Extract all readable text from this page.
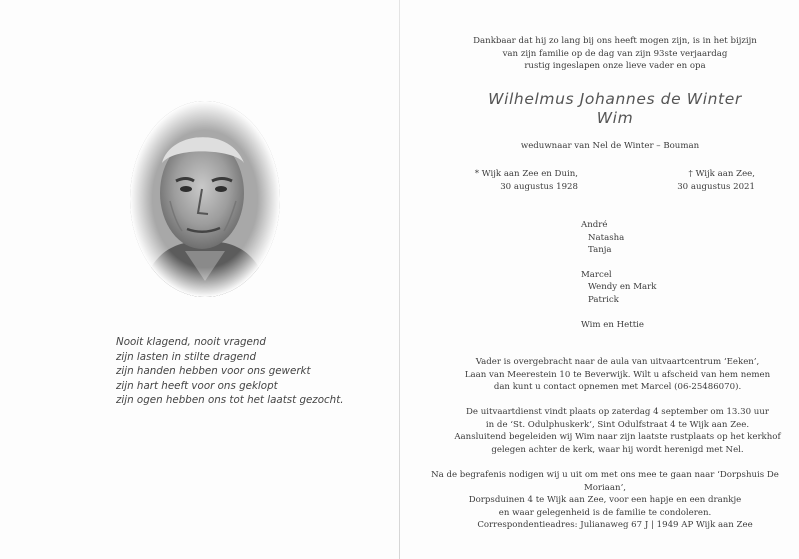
Nooit klagend, nooit vragend
zijn lasten in stilte dragend
zijn handen hebben voor ons gewerkt
zijn hart heeft voor ons geklopt
zijn ogen hebben ons tot het laatst gezocht.
Dankbaar dat hij zo lang bij ons heeft mogen zijn, is in het bijzijn
van zijn familie op de dag van zijn 93ste verjaardag
rustig ingeslapen onze lieve vader en opa
Wilhelmus Johannes de Winter
Wim
weduwnaar van Nel de Winter – Bouman
* Wijk aan Zee en Duin,
30 augustus 1928
† Wijk aan Zee,
30 augustus 2021
André
Natasha
Tanja
Marcel
Wendy en Mark
Patrick
Wim en Hettie
Vader is overgebracht naar de aula van uitvaartcentrum ‘Eeken’,
Laan van Meerestein 10 te Beverwijk. Wilt u afscheid van hem nemen
dan kunt u contact opnemen met Marcel (06-25486070).
De uitvaartdienst vindt plaats op zaterdag 4 september om 13.30 uur
in de ‘St. Odulphuskerk’, Sint Odulfstraat 4 te Wijk aan Zee.
Aansluitend begeleiden wij Wim naar zijn laatste rustplaats op het kerkhof
gelegen achter de kerk, waar hij wordt herenigd met Nel.
Na de begrafenis nodigen wij u uit om met ons mee te gaan naar ‘Dorpshuis De Moriaan’,
Dorpsduinen 4 te Wijk aan Zee, voor een hapje en een drankje
en waar gelegenheid is de familie te condoleren.
Correspondentieadres: Julianaweg 67 J | 1949 AP Wijk aan Zee
